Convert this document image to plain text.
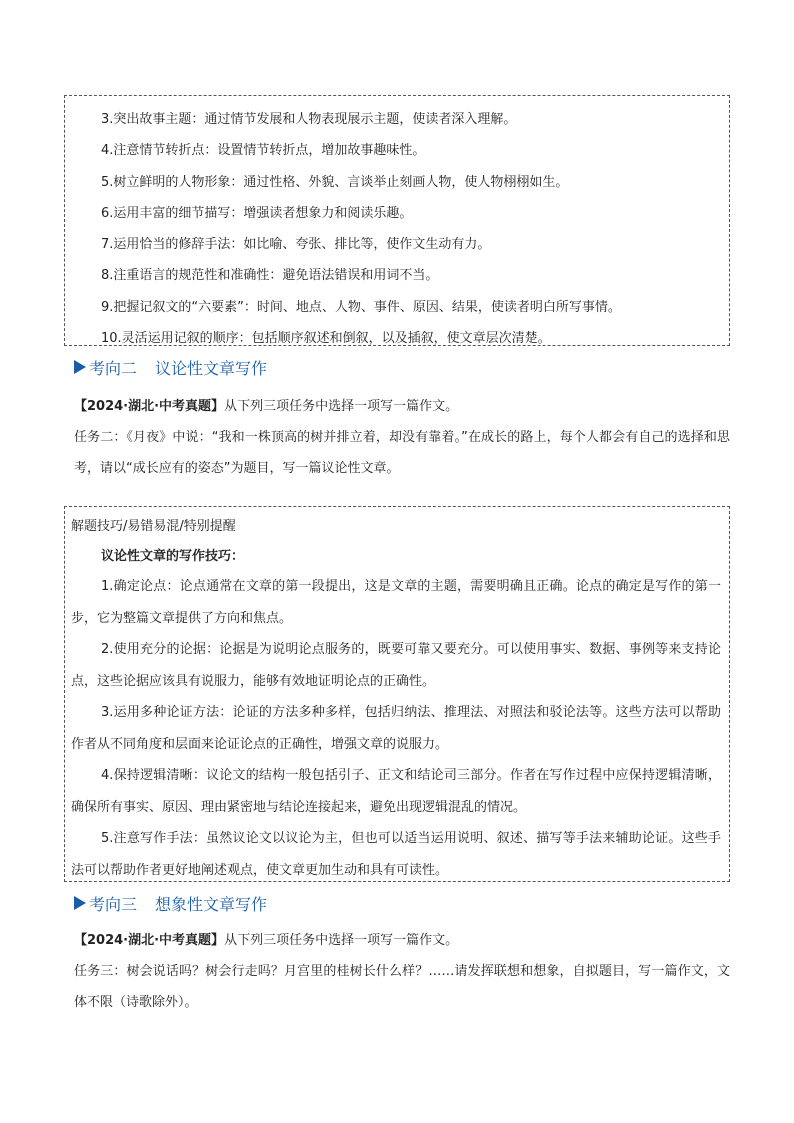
3.突出故事主题：通过情节发展和人物表现展示主题，使读者深入理解。
4.注意情节转折点：设置情节转折点，增加故事趣味性。
5.树立鲜明的人物形象：通过性格、外貌、言谈举止刻画人物，使人物栩栩如生。
6.运用丰富的细节描写：增强读者想象力和阅读乐趣。
7.运用恰当的修辞手法：如比喻、夸张、排比等，使作文生动有力。
8.注重语言的规范性和准确性：避免语法错误和用词不当。
9.把握记叙文的“六要素”：时间、地点、人物、事件、原因、结果，使读者明白所写事情。
10.灵活运用记叙的顺序：包括顺序叙述和倒叙，以及插叙，使文章层次清楚。
考向二 议论性文章写作
【2024·湖北·中考真题】从下列三项任务中选择一项写一篇作文。
任务二：《月夜》中说：“我和一株顶高的树并排立着，却没有靠着。”在成长的路上，每个人都会有自己的选择和思考，请以“成长应有的姿态”为题目，写一篇议论性文章。
解题技巧/易错易混/特别提醒
议论性文章的写作技巧：
1.确定论点：论点通常在文章的第一段提出，这是文章的主题，需要明确且正确。论点的确定是写作的第一步，它为整篇文章提供了方向和焦点。
2.使用充分的论据：论据是为说明论点服务的，既要可靠又要充分。可以使用事实、数据、事例等来支持论点，这些论据应该具有说服力，能够有效地证明论点的正确性。
3.运用多种论证方法：论证的方法多种多样，包括归纳法、推理法、对照法和驳论法等。这些方法可以帮助作者从不同角度和层面来论证论点的正确性，增强文章的说服力。
4.保持逻辑清晰：议论文的结构一般包括引子、正文和结论司三部分。作者在写作过程中应保持逻辑清晰，确保所有事实、原因、理由紧密地与结论连接起来，避免出现逻辑混乱的情况。
5.注意写作手法：虽然议论文以议论为主，但也可以适当运用说明、叙述、描写等手法来辅助论证。这些手法可以帮助作者更好地阐述观点，使文章更加生动和具有可读性。
考向三 想象性文章写作
【2024·湖北·中考真题】从下列三项任务中选择一项写一篇作文。
任务三：树会说话吗？树会行走吗？月宫里的桂树长什么样？……请发挥联想和想象，自拟题目，写一篇作文，文体不限（诗歌除外）。
